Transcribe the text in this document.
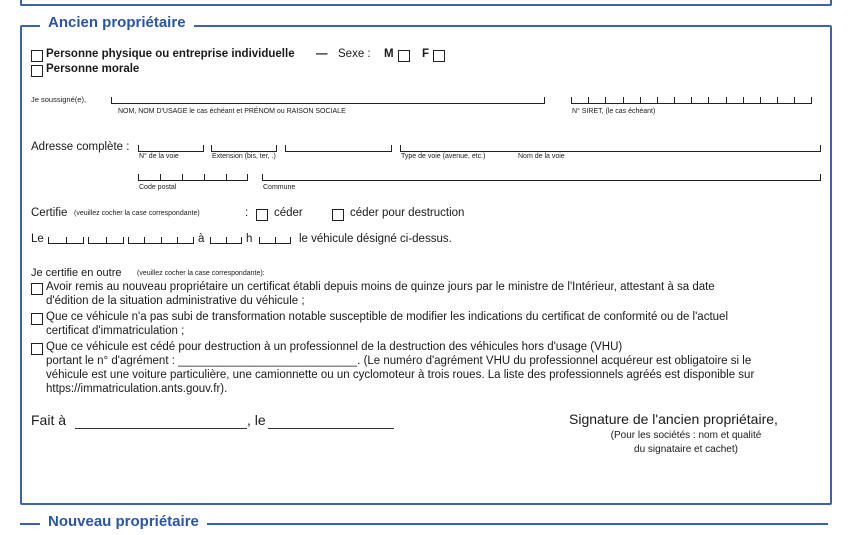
Ancien propriétaire
Personne physique ou entreprise individuelle — Sexe : M F
Personne morale
Je soussigné(e),
NOM, NOM D'USAGE le cas échéant et PRÉNOM ou RAISON SOCIALE	N° SIRET, (le cas échéant)
Adresse complète :
N° de la voie	Extension (bis, ter, .)	Type de voie (avenue, etc.)	Nom de la voie
Code postal	Commune
Certifie (veuillez cocher la case correspondante)	: céder	céder pour destruction
Le	à	h	le véhicule désigné ci-dessus.
Je certifie en outre (veuillez cocher la case correspondante):
Avoir remis au nouveau propriétaire un certificat établi depuis moins de quinze jours par le ministre de l'Intérieur, attestant à sa date
d'édition de la situation administrative du véhicule ;
Que ce véhicule n'a pas subi de transformation notable susceptible de modifier les indications du certificat de conformité ou de l'actuel
certificat d'immatriculation ;
Que ce véhicule est cédé pour destruction à un professionnel de la destruction des véhicules hors d'usage (VHU)
portant le n° d'agrément : ____________________________. (Le numéro d'agrément VHU du professionnel acquéreur est obligatoire si le
véhicule est une voiture particulière, une camionnette ou un cyclomoteur à trois roues. La liste des professionnels agréés est disponible sur
https://immatriculation.ants.gouv.fr).
Fait à	, le	Signature de l'ancien propriétaire,
(Pour les sociétés : nom et qualité
du signataire et cachet)
Nouveau propriétaire
